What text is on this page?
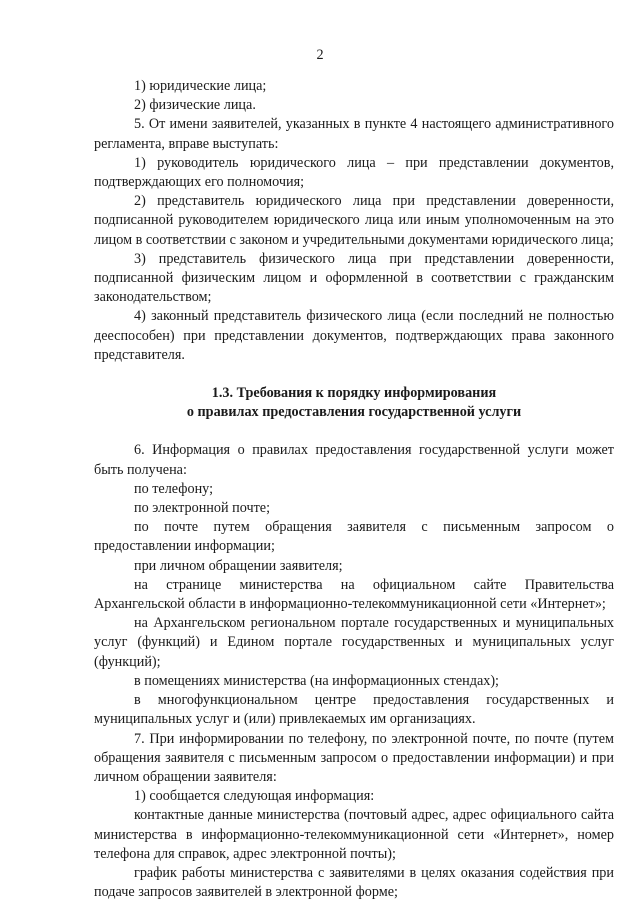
2

1) юридические лица;

2) физические лица.

5. От имени заявителей, указанных в пункте 4 настоящего административного регламента, вправе выступать:

1) руководитель юридического лица – при представлении документов, подтверждающих его полномочия;

2) представитель юридического лица при представлении доверенности, подписанной руководителем юридического лица или иным уполномоченным на это лицом в соответствии с законом и учредительными документами юридического лица;

3) представитель физического лица при представлении доверенности, подписанной физическим лицом и оформленной в соответствии с гражданским законодательством;

4) законный представитель физического лица (если последний не полностью дееспособен) при представлении документов, подтверждающих права законного представителя.

1.3. Требования к порядку информирования

о правилах предоставления государственной услуги

6. Информация о правилах предоставления государственной услуги может быть получена:

по телефону;

по электронной почте;

по почте путем обращения заявителя с письменным запросом о предоставлении информации;

при личном обращении заявителя;

на странице министерства на официальном сайте Правительства Архангельской области в информационно-телекоммуникационной сети «Интернет»;

на Архангельском региональном портале государственных и муниципальных услуг (функций) и Едином портале государственных и муниципальных услуг (функций);

в помещениях министерства (на информационных стендах);

в многофункциональном центре предоставления государственных и муниципальных услуг и (или) привлекаемых им организациях.

7. При информировании по телефону, по электронной почте, по почте (путем обращения заявителя с письменным запросом о предоставлении информации) и при личном обращении заявителя:

1) сообщается следующая информация:

контактные данные министерства (почтовый адрес, адрес официального сайта министерства в информационно-телекоммуникационной сети «Интернет», номер телефона для справок, адрес электронной почты);

график работы министерства с заявителями в целях оказания содействия при подаче запросов заявителей в электронной форме;
